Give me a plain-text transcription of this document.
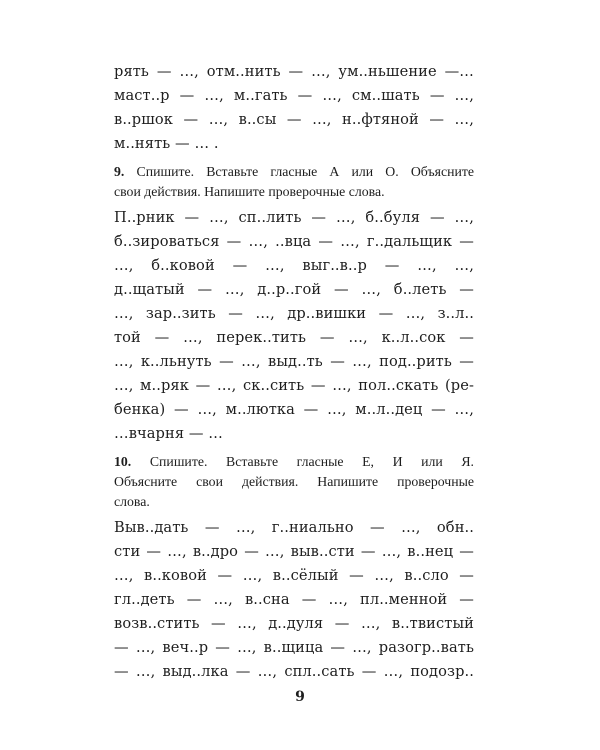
рять — …, отм..нить — …, ум..ньшение —…
маст..р — …, м..гать — …, см..шать — …,
в..ршок — …, в..сы — …, н..фтяной — …,
м..нять — … .
9. Спишите. Вставьте гласные А или О. Объясните
свои действия. Напишите проверочные слова.
П..рник — …, сп..лить — …, б..буля — …,
б..зироваться — …, ..вца — …, г..дальщик —
…, б..ковой — …, выг..в..р — …, …,
д..щатый — …, д..р..гой — …, б..леть —
…, зар..зить — …, др..вишки — …, з..л..
той — …, перек..тить — …, к..л..сок —
…, к..льнуть — …, выд..ть — …, под..рить —
…, м..ряк — …, ск..сить — …, пол..скать (ре-
бенка) — …, м..лютка — …, м..л..дец — …,
…вчарня — …
10. Спишите. Вставьте гласные Е, И или Я.
Объясните свои действия. Напишите проверочные
слова.
Выв..дать — …, г..ниально — …, обн..
сти — …, в..дро — …, выв..сти — …, в..нец —
…, в..ковой — …, в..сёлый — …, в..сло —
гл..деть — …, в..сна — …, пл..менной —
возв..стить — …, д..дуля — …, в..твистый
— …, веч..р — …, в..щица — …, разогр..вать
— …, выд..лка — …, спл..сать — …, подозр..
9
